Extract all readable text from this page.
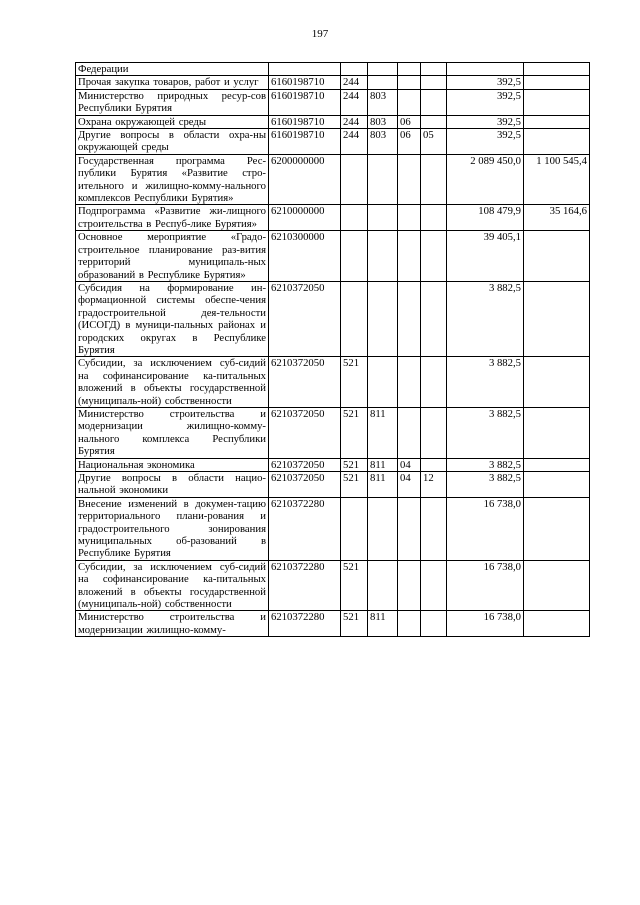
197
Федерации							
Прочая закупка товаров, работ и услуг	6160198710	244				392,5	
Министерство природных ресур-сов Республики Бурятия	6160198710	244	803			392,5	
Охрана окружающей среды	6160198710	244	803	06		392,5	
Другие вопросы в области охра-ны окружающей среды	6160198710	244	803	06	05	392,5	
Государственная программа Рес-публики Бурятия «Развитие стро-ительного и жилищно-комму-нального комплексов Республики Бурятия»	6200000000					2 089 450,0	1 100 545,4
Подпрограмма «Развитие жи-лищного строительства в Респуб-лике Бурятия»	6210000000					108 479,9	35 164,6
Основное мероприятие «Градо-строительное планирование раз-вития территорий муниципаль-ных образований в Республике Бурятия»	6210300000					39 405,1	
Субсидия на формирование ин-формационной системы обеспе-чения градостроительной дея-тельности (ИСОГД) в муници-пальных районах и городских округах в Республике Бурятия	6210372050					3 882,5	
Субсидии, за исключением суб-сидий на софинансирование ка-питальных вложений в объекты государственной (муниципаль-ной) собственности	6210372050	521				3 882,5	
Министерство строительства и модернизации жилищно-комму-нального комплекса Республики Бурятия	6210372050	521	811			3 882,5	
Национальная экономика	6210372050	521	811	04		3 882,5	
Другие вопросы в области нацио-нальной экономики	6210372050	521	811	04	12	3 882,5	
Внесение изменений в докумен-тацию территориального плани-рования и градостроительного зонирования муниципальных об-разований в Республике Бурятия	6210372280					16 738,0	
Субсидии, за исключением суб-сидий на софинансирование ка-питальных вложений в объекты государственной (муниципаль-ной) собственности	6210372280	521				16 738,0	
Министерство строительства и модернизации жилищно-комму-	6210372280	521	811			16 738,0	
